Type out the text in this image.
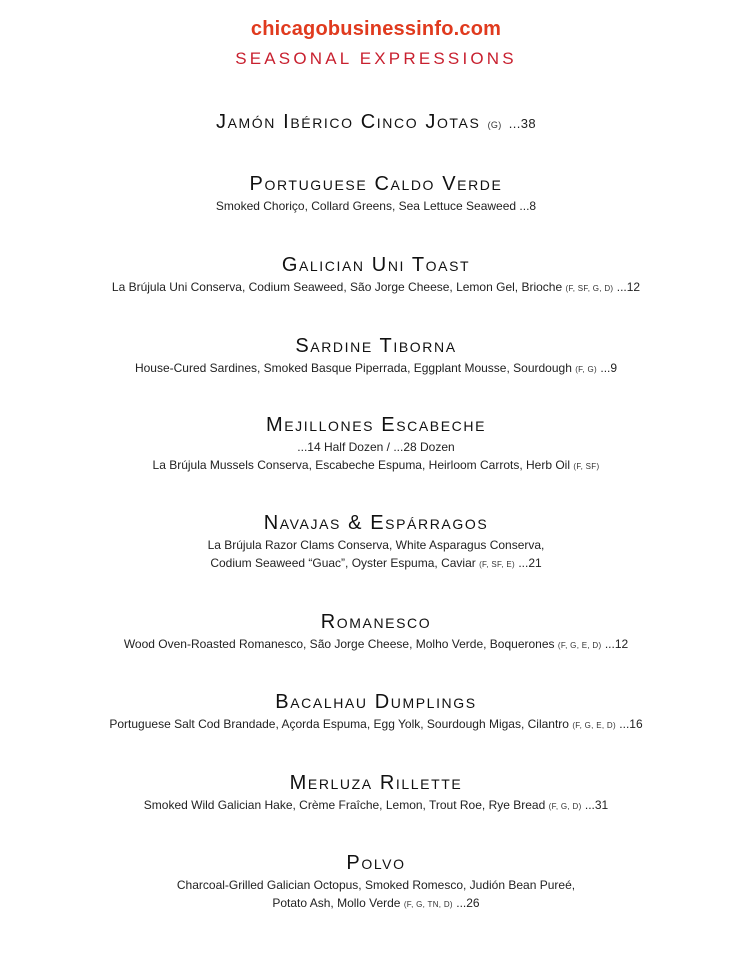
chicagobusinessinfo.com
SEASONAL EXPRESSIONS
Jamón Ibérico Cinco Jotas (G) ...38
Portuguese Caldo Verde
Smoked Choriço, Collard Greens, Sea Lettuce Seaweed ...8
Galician Uni Toast
La Brújula Uni Conserva, Codium Seaweed, São Jorge Cheese, Lemon Gel, Brioche (F, SF, G, D) ...12
Sardine Tiborna
House-Cured Sardines, Smoked Basque Piperrada, Eggplant Mousse, Sourdough (F, G) ...9
Mejillones Escabeche
...14 Half Dozen / ...28 Dozen
La Brújula Mussels Conserva, Escabeche Espuma, Heirloom Carrots, Herb Oil (F, SF)
Navajas & Espárragos
La Brújula Razor Clams Conserva, White Asparagus Conserva,
Codium Seaweed “Guac”, Oyster Espuma, Caviar (F, SF, E) ...21
Romanesco
Wood Oven-Roasted Romanesco, São Jorge Cheese, Molho Verde, Boquerones (F, G, E, D) ...12
Bacalhau Dumplings
Portuguese Salt Cod Brandade, Açorda Espuma, Egg Yolk, Sourdough Migas, Cilantro (F, G, E, D) ...16
Merluza Rillette
Smoked Wild Galician Hake, Crème Fraîche, Lemon, Trout Roe, Rye Bread (F, G, D) ...31
Polvo
Charcoal-Grilled Galician Octopus, Smoked Romesco, Judión Bean Pureé,
Potato Ash, Mollo Verde (F, G, TN, D) ...26
